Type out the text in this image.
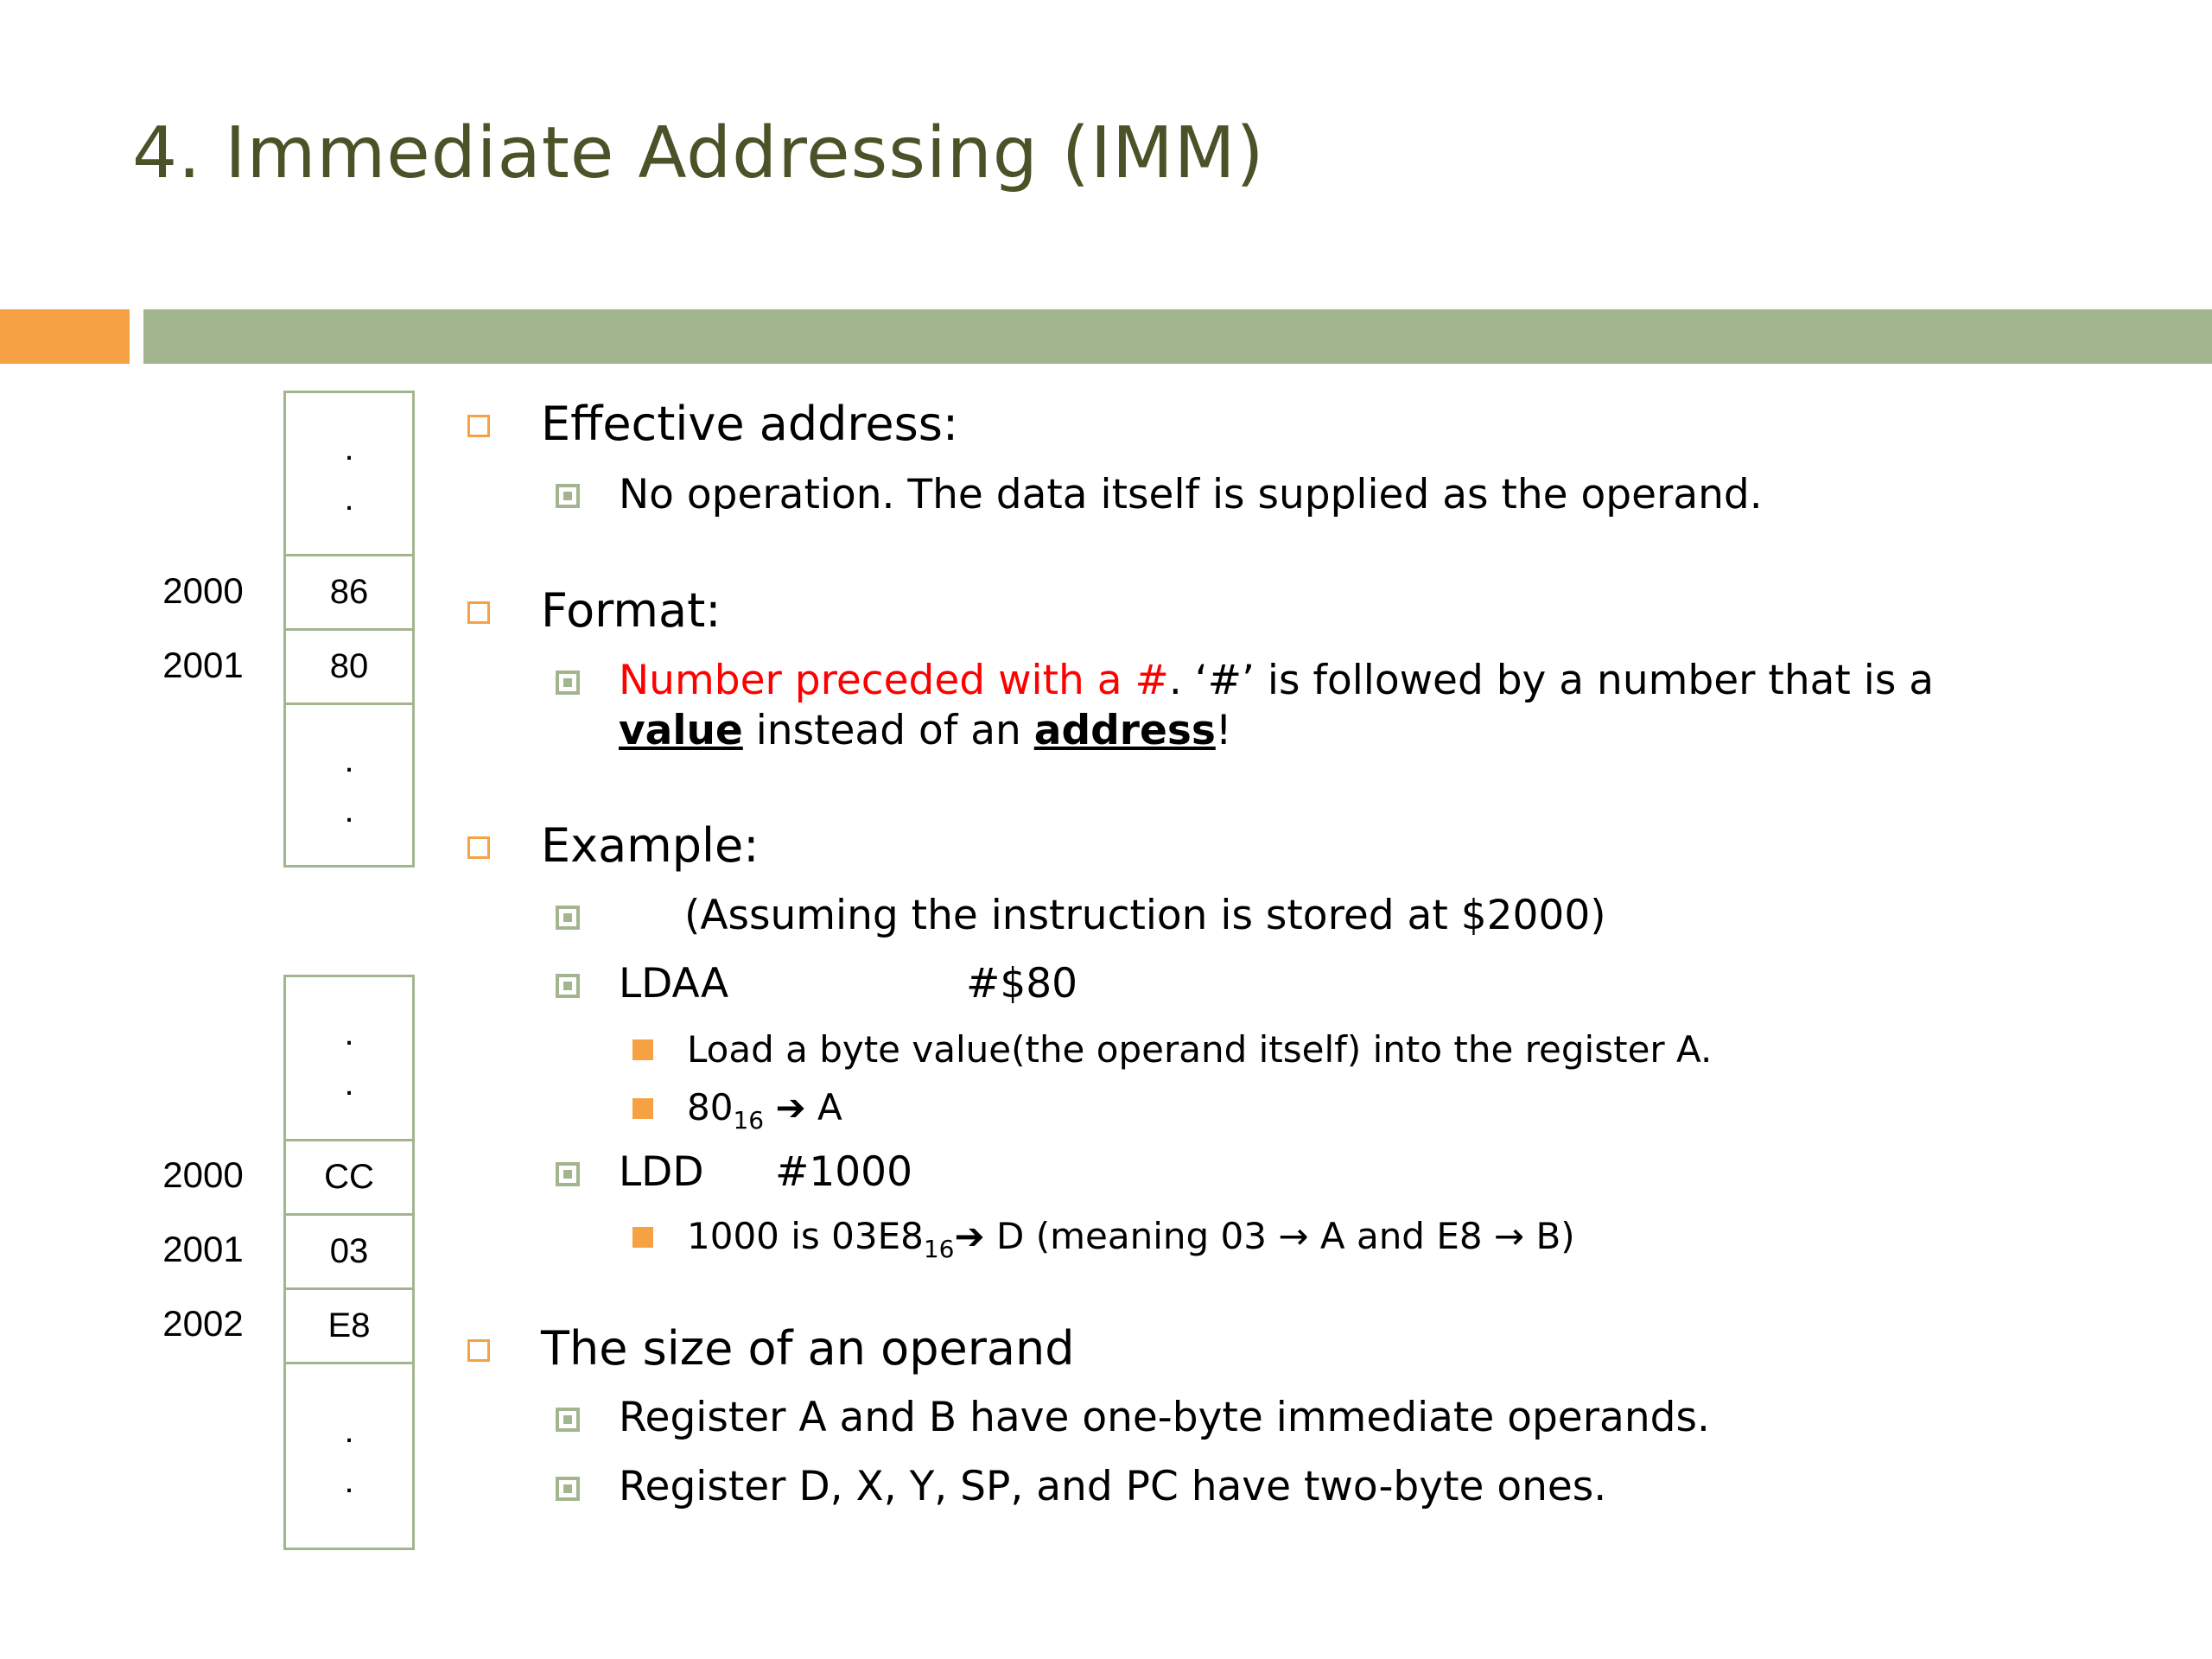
4. Immediate Addressing (IMM)
.
.
86
80
.
.
2000
2001
.
.
CC
03
E8
.
.
2000
2001
2002
Effective address:
No operation. The data itself is supplied as the operand.
Format:
Number preceded with a #. ‘#’ is followed by a number that is a
value instead of an address!
Example:
(Assuming the instruction is stored at $2000)
LDAA	#$80
Load a byte value(the operand itself) into the register A.
$80_{16}$ ➔ A
LDD #1000
1000 is $03E8_{16}➔$ D (meaning 03 → A and E8 → B)
The size of an operand
Register A and B have one-byte immediate operands.
Register D, X, Y, SP, and PC have two-byte ones.
